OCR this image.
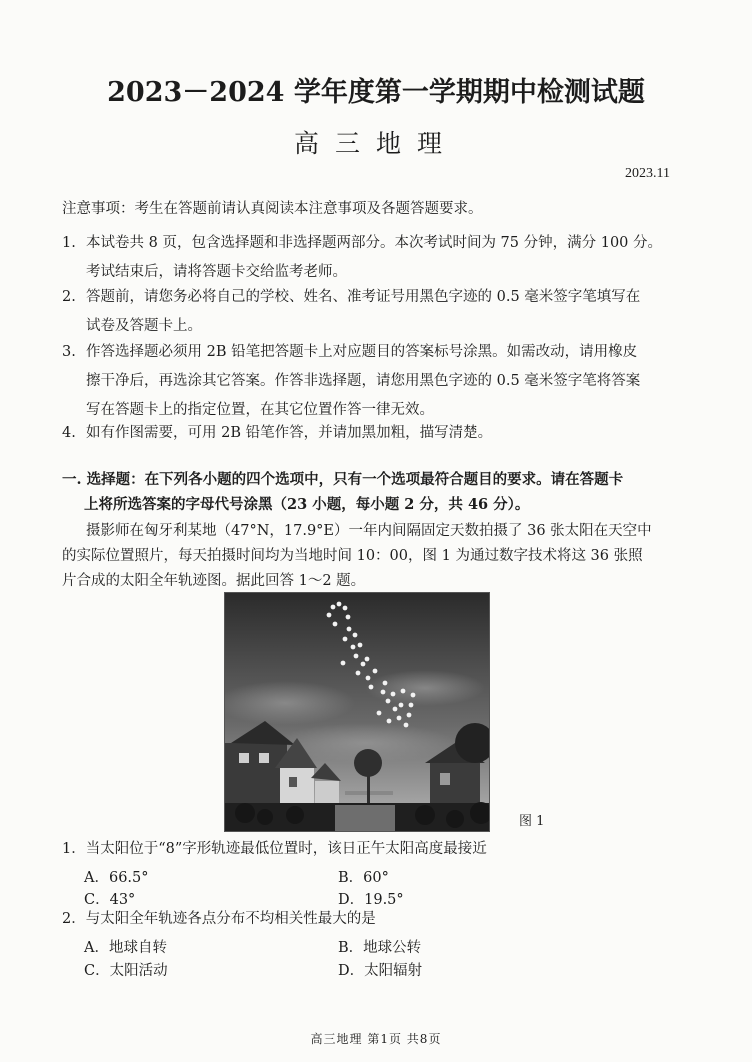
2023－2024 学年度第一学期期中检测试题
高三地理
2023.11
注意事项：考生在答题前请认真阅读本注意事项及各题答题要求。
1. 本试卷共 8 页，包含选择题和非选择题两部分。本次考试时间为 75 分钟，满分 100 分。
考试结束后，请将答题卡交给监考老师。
2. 答题前，请您务必将自己的学校、姓名、准考证号用黑色字迹的 0.5 毫米签字笔填写在
试卷及答题卡上。
3. 作答选择题必须用 2B 铅笔把答题卡上对应题目的答案标号涂黑。如需改动，请用橡皮
擦干净后，再选涂其它答案。作答非选择题，请您用黑色字迹的 0.5 毫米签字笔将答案
写在答题卡上的指定位置，在其它位置作答一律无效。
4. 如有作图需要，可用 2B 铅笔作答，并请加黑加粗，描写清楚。
一. 选择题：在下列各小题的四个选项中，只有一个选项最符合题目的要求。请在答题卡
上将所选答案的字母代号涂黑（23 小题，每小题 2 分，共 46 分）。
摄影师在匈牙利某地（47°N，17.9°E）一年内间隔固定天数拍摄了 36 张太阳在天空中
的实际位置照片，每天拍摄时间均为当地时间 10：00，图 1 为通过数字技术将这 36 张照
片合成的太阳全年轨迹图。据此回答 1～2 题。
图 1
1．当太阳位于“8”字形轨迹最低位置时，该日正午太阳高度最接近
A．66.5°	B．60°
C．43°	D．19.5°
2．与太阳全年轨迹各点分布不均相关性最大的是
A．地球自转	B．地球公转
C．太阳活动	D．太阳辐射
高三地理 第1页 共8页
